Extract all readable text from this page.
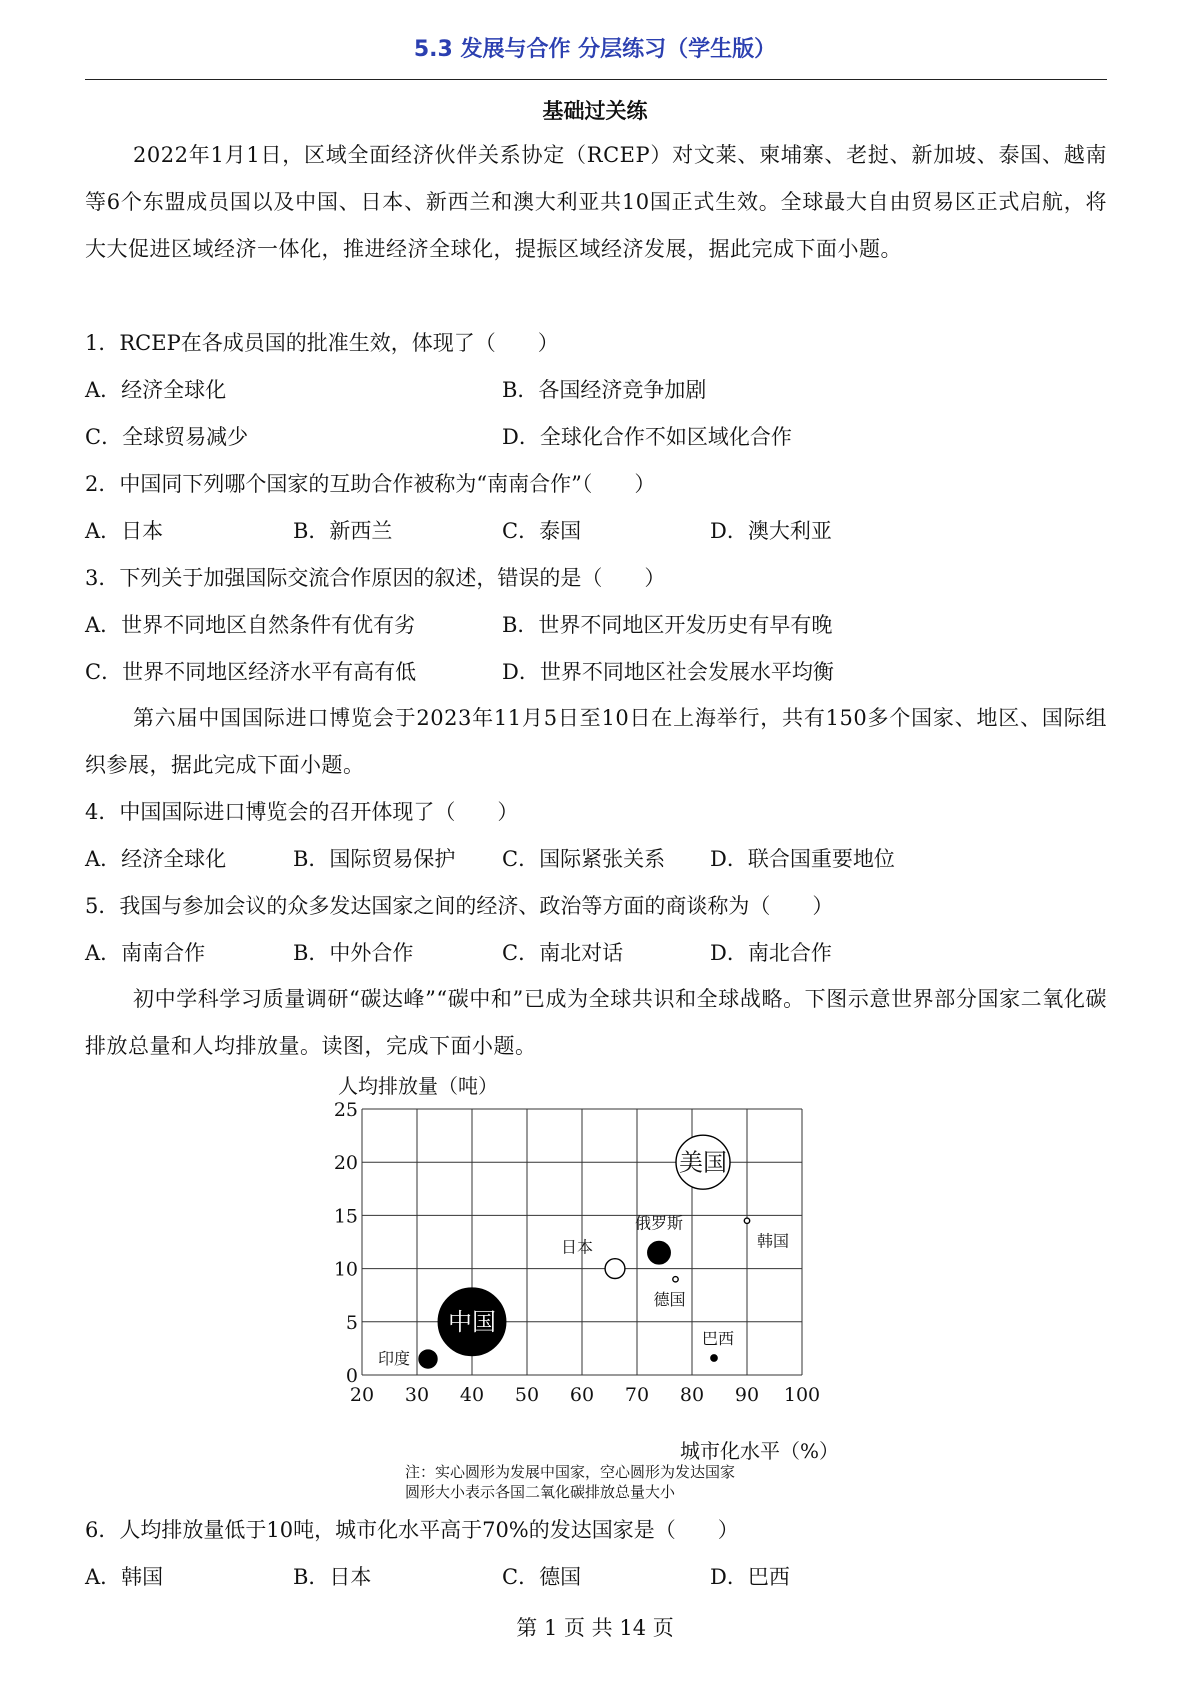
5.3 发展与合作 分层练习（学生版）
基础过关练

2022年1月1日，区域全面经济伙伴关系协定（RCEP）对文莱、柬埔寨、老挝、新加坡、泰国、越南等6个东盟成员国以及中国、日本、新西兰和澳大利亚共10国正式生效。全球最大自由贸易区正式启航，将大大促进区域经济一体化，推进经济全球化，提振区域经济发展，据此完成下面小题。

1．RCEP在各成员国的批准生效，体现了（　　）

A．经济全球化	B．各国经济竞争加剧
C．全球贸易减少	D．全球化合作不如区域化合作

2．中国同下列哪个国家的互助合作被称为“南南合作”（　　）

A．日本	B．新西兰	C．泰国	D．澳大利亚

3．下列关于加强国际交流合作原因的叙述，错误的是（　　）

A．世界不同地区自然条件有优有劣	B．世界不同地区开发历史有早有晚
C．世界不同地区经济水平有高有低	D．世界不同地区社会发展水平均衡

第六届中国国际进口博览会于2023年11月5日至10日在上海举行，共有150多个国家、地区、国际组织参展，据此完成下面小题。

4．中国国际进口博览会的召开体现了（　　）

A．经济全球化	B．国际贸易保护 C．国际紧张关系 D．联合国重要地位

5．我国与参加会议的众多发达国家之间的经济、政治等方面的商谈称为（　　）

A．南南合作	B．中外合作	C．南北对话	D．南北合作

初中学科学习质量调研“碳达峰”“碳中和”已成为全球共识和全球战略。下图示意世界部分国家二氧化碳排放总量和人均排放量。读图，完成下面小题。

人均排放量（吨）
20 30 40 50 60 70 80 90 100
0
5
10
15
20
25
美国
中国
日本
俄罗斯
德国
韩国
印度
巴西
城市化水平（%）
注：实心圆形为发展中国家，空心圆形为发达国家
圆形大小表示各国二氧化碳排放总量大小

6．人均排放量低于10吨，城市化水平高于70%的发达国家是（　　）

A．韩国	B．日本	C．德国	D．巴西
第 1 页 共 14 页
